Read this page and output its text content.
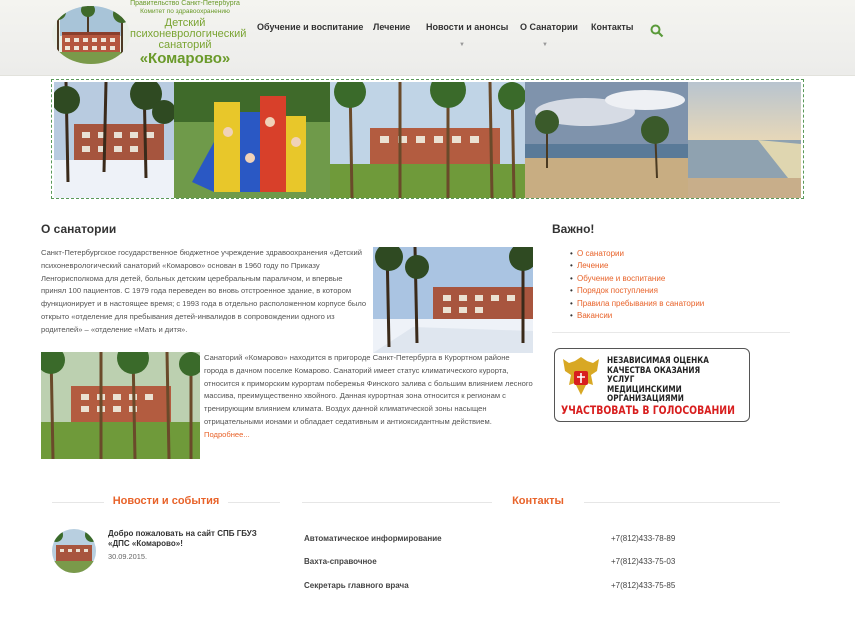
Правительство Санкт-Петербурга
Комитет по здравоохранению
Детский
психоневрологический
санаторий
«Комарово»
Обучение и воспитание Лечение Новости и анонсы
▼
О Санатории
▼
Контакты
О санатории
Санкт-Петербургское государственное бюджетное учреждение здравоохранения «Детский психоневрологический санаторий «Комарово» основан в 1960 году по Приказу Ленгорисполкома для детей, больных детским церебральным параличом, и впервые принял 100 пациентов. С 1979 года переведен во вновь отстроенное здание, в котором функционирует и в настоящее время; с 1993 года в отдельно расположенном корпусе было открыто «отделение для пребывания детей-инвалидов в сопровождении одного из родителей» – «отделение «Мать и дитя».
Санаторий «Комарово» находится в пригороде Санкт-Петербурга в Курортном районе города в дачном поселке Комарово. Санаторий имеет статус климатического курорта, относится к приморским курортам побережья Финского залива с большим влиянием лесного массива, преимущественно хвойного. Данная курортная зона относится к регионам с тренирующим влиянием климата. Воздух данной климатической зоны насыщен отрицательными ионами и обладает седативным и антиоксидантным действием. Подробнее...
Важно!
• О санатории
• Лечение
• Обучение и воспитание
• Порядок поступления
• Правила пребывания в санатории
• Вакансии
НЕЗАВИСИМАЯ ОЦЕНКА
КАЧЕСТВА ОКАЗАНИЯ УСЛУГ
МЕДИЦИНСКИМИ ОРГАНИЗАЦИЯМИ
УЧАСТВОВАТЬ В ГОЛОСОВАНИИ
Новости и события
Добро пожаловать на сайт СПБ ГБУЗ «ДПС «Комарово»!
30.09.2015.
Контакты
Автоматическое информирование	+7(812)433-78-89
Вахта-справочное	+7(812)433-75-03
Секретарь главного врача	+7(812)433-75-85
